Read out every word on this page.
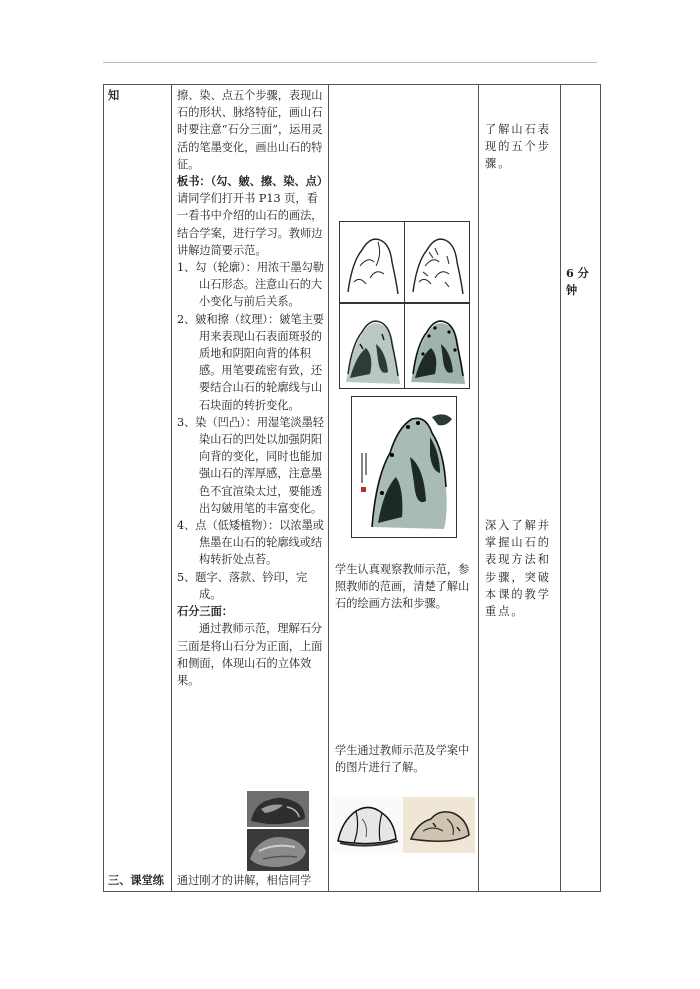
知
三、课堂练

擦、染、点五个步骤，表现山石的形状、脉络特征，画山石时要注意“石分三面”，运用灵活的笔墨变化，画出山石的特征。

板书：（勾、皴、擦、染、点）

请同学们打开书 P13 页，看一看书中介绍的山石的画法，结合学案，进行学习。教师边讲解边简要示范。

1、勾（轮廓）：用浓干墨勾勒山石形态。注意山石的大小变化与前后关系。

2、皴和擦（纹理）：皴笔主要用来表现山石表面斑驳的质地和阴阳向背的体积感。用笔要疏密有致，还要结合山石的轮廓线与山石块面的转折变化。

3、染（凹凸）：用湿笔淡墨轻染山石的凹处以加强阴阳向背的变化，同时也能加强山石的浑厚感，注意墨色不宜渲染太过，要能透出勾皴用笔的丰富变化。

4、点（低矮植物）：以浓墨或焦墨在山石的轮廓线或结构转折处点苔。

5、题字、落款、钤印，完成。

石分三面：

通过教师示范，理解石分三面是将山石分为正面，上面和侧面，体现山石的立体效果。

通过刚才的讲解，相信同学
学生认真观察教师示范，参照教师的范画，清楚了解山石的绘画方法和步骤。
学生通过教师示范及学案中的图片进行了解。
了解山石表现的五个步骤。
深入了解并掌握山石的表现方法和步骤，突破本课的教学重点。
6 分钟
